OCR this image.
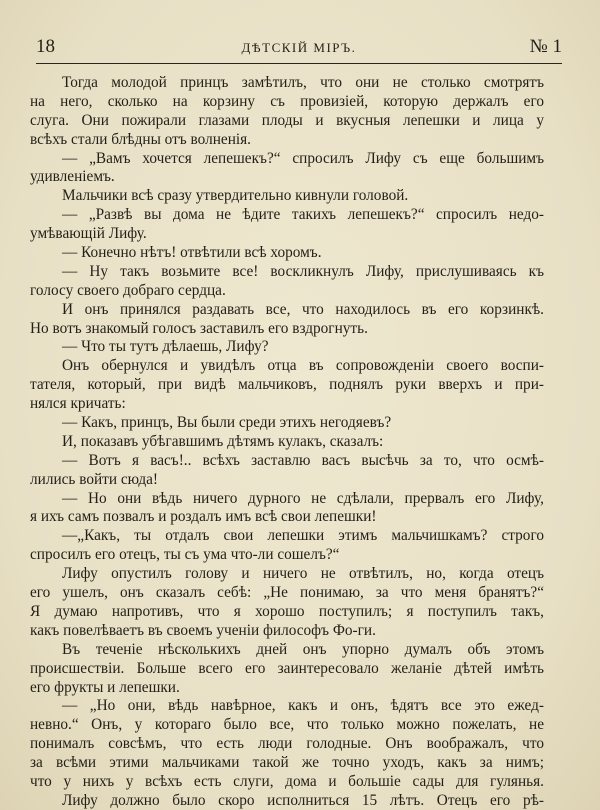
18	ДѢТСКІЙ МІРЪ.	№ 1
Тогда молодой принцъ замѣтилъ, что они не столько смотрятъ
на него, сколько на корзину съ провизіей, которую держалъ его
слуга. Они пожирали глазами плоды и вкусныя лепешки и лица у
всѣхъ стали блѣдны отъ волненія.
— „Вамъ хочется лепешекъ?“ спросилъ Лифу съ еще большимъ
удивленіемъ.
Мальчики всѣ сразу утвердительно кивнули головой.
— „Развѣ вы дома не ѣдите такихъ лепешекъ?“ спросилъ недо-
умѣвающій Лифу.
— Конечно нѣтъ! отвѣтили всѣ хоромъ.
— Ну такъ возьмите все! воскликнулъ Лифу, прислушиваясь къ
голосу своего добраго сердца.
И онъ принялся раздавать все, что находилось въ его корзинкѣ.
Но вотъ знакомый голосъ заставилъ его вздрогнуть.
— Что ты тутъ дѣлаешь, Лифу?
Онъ обернулся и увидѣлъ отца въ сопровожденіи своего воспи-
тателя, который, при видѣ мальчиковъ, поднялъ руки вверхъ и при-
нялся кричать:
— Какъ, принцъ, Вы были среди этихъ негодяевъ?
И, показавъ убѣгавшимъ дѣтямъ кулакъ, сказалъ:
— Вотъ я васъ!.. всѣхъ заставлю васъ высѣчь за то, что осмѣ-
лились войти сюда!
— Но они вѣдь ничего дурного не сдѣлали, прервалъ его Лифу,
я ихъ самъ позвалъ и роздалъ имъ всѣ свои лепешки!
—„Какъ, ты отдалъ свои лепешки этимъ мальчишкамъ? строго
спросилъ его отецъ, ты съ ума что-ли сошелъ?“
Лифу опустилъ голову и ничего не отвѣтилъ, но, когда отецъ
его ушелъ, онъ сказалъ себѣ: „Не понимаю, за что меня бранятъ?“
Я думаю напротивъ, что я хорошо поступилъ; я поступилъ такъ,
какъ повелѣваетъ въ своемъ ученіи философъ Фо-ги.
Въ теченіе нѣсколькихъ дней онъ упорно думалъ объ этомъ
происшествіи. Больше всего его заинтересовало желаніе дѣтей имѣть
его фрукты и лепешки.
— „Но они, вѣдь навѣрное, какъ и онъ, ѣдятъ все это ежед-
невно.“ Онъ, у котораго было все, что только можно пожелать, не
понималъ совсѣмъ, что есть люди голодные. Онъ воображалъ, что
за всѣми этими мальчиками такой же точно уходъ, какъ за нимъ;
что у нихъ у всѣхъ есть слуги, дома и большіе сады для гулянья.
Лифу должно было скоро исполниться 15 лѣтъ. Отецъ его рѣ-
